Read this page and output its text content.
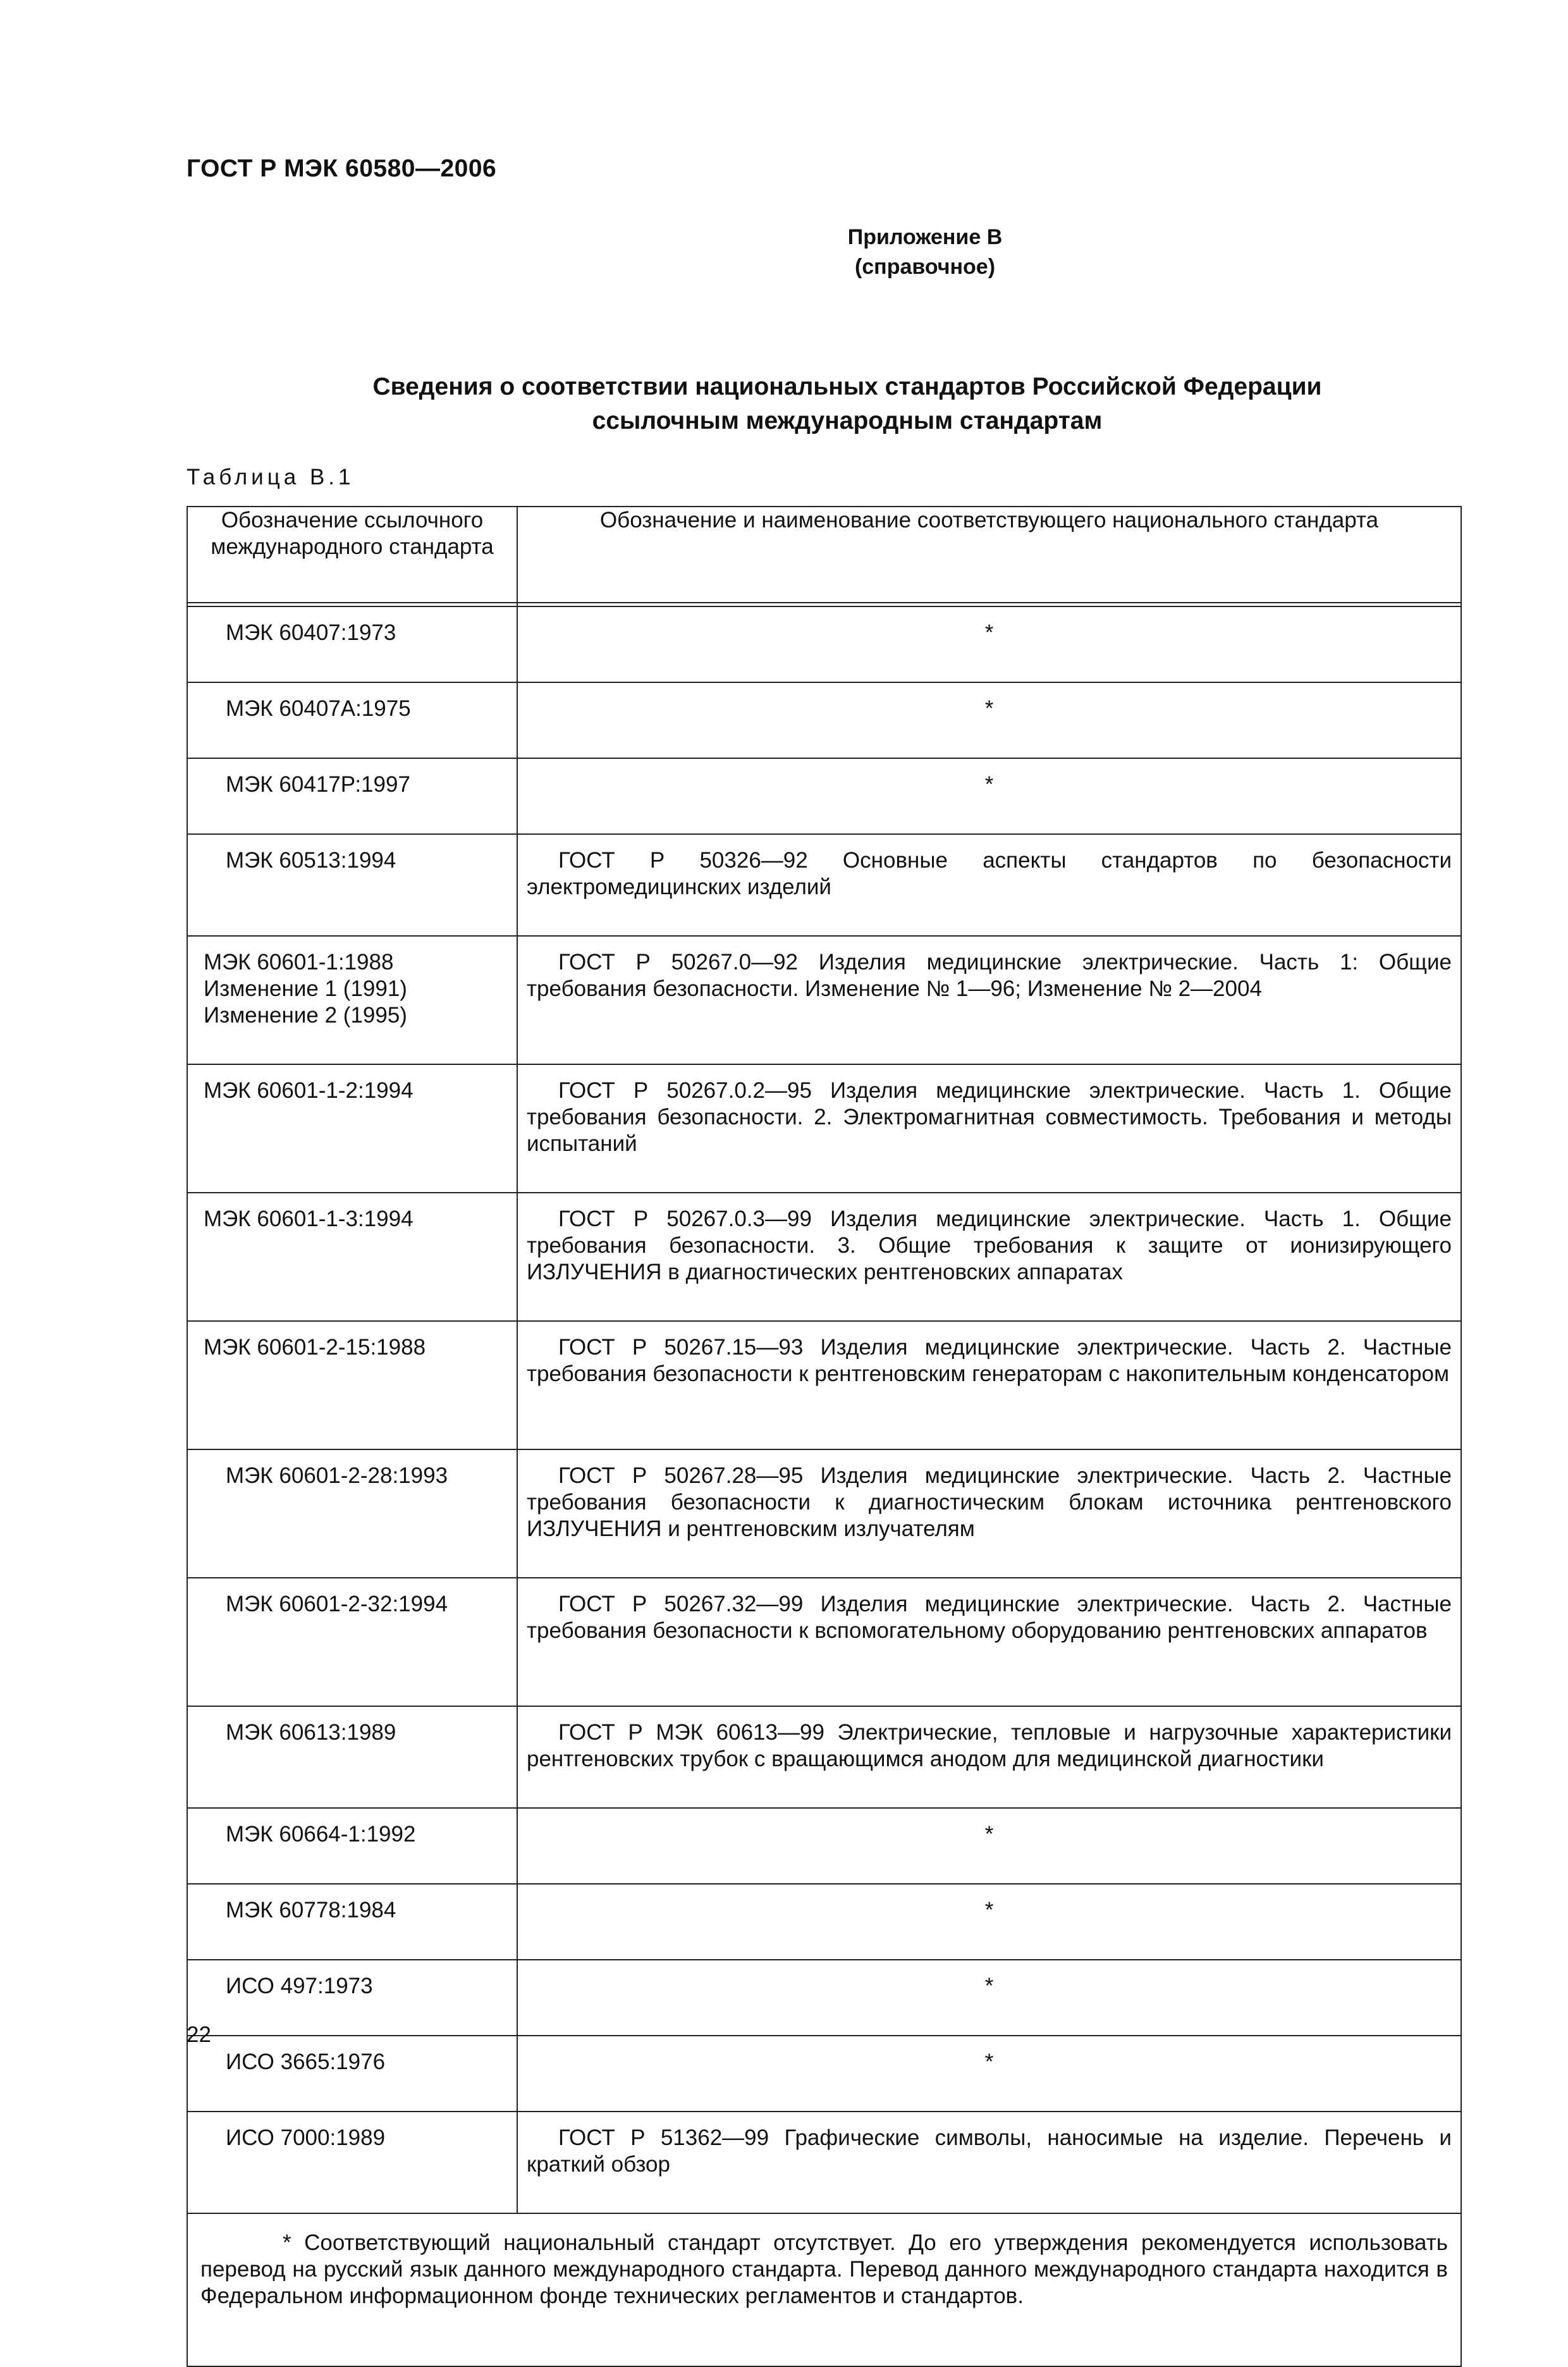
ГОСТ Р МЭК 60580—2006
Приложение В
(справочное)
Сведения о соответствии национальных стандартов Российской Федерации
ссылочным международным стандартам
Таблица В.1
Обозначение ссылочного международного стандарта	Обозначение и наименование соответствующего национального стандарта

МЭК 60407:1973	*

МЭК 60407А:1975	*

МЭК 60417Р:1997	*

МЭК 60513:1994	ГОСТ Р 50326—92 Основные аспекты стандартов по безопасности электромедицинских изделий

МЭК 60601-1:1988
Изменение 1 (1991)
Изменение 2 (1995)	ГОСТ Р 50267.0—92 Изделия медицинские электрические. Часть 1: Общие требования безопасности. Изменение № 1—96; Изменение № 2—2004

МЭК 60601-1-2:1994	ГОСТ Р 50267.0.2—95 Изделия медицинские электрические. Часть 1. Общие требования безопасности. 2. Электромагнитная совместимость. Требования и методы испытаний

МЭК 60601-1-3:1994	ГОСТ Р 50267.0.3—99 Изделия медицинские электрические. Часть 1. Общие требования безопасности. 3. Общие требования к защите от ионизирующего ИЗЛУЧЕНИЯ в диагностических рентгеновских аппаратах

МЭК 60601-2-15:1988	ГОСТ Р 50267.15—93 Изделия медицинские электрические. Часть 2. Частные требования безопасности к рентгеновским генераторам с накопительным конденсатором

МЭК 60601-2-28:1993	ГОСТ Р 50267.28—95 Изделия медицинские электрические. Часть 2. Частные требования безопасности к диагностическим блокам источника рентгеновского ИЗЛУЧЕНИЯ и рентгеновским излучателям

МЭК 60601-2-32:1994	ГОСТ Р 50267.32—99 Изделия медицинские электрические. Часть 2. Частные требования безопасности к вспомогательному оборудованию рентгеновских аппаратов

МЭК 60613:1989	ГОСТ Р МЭК 60613—99 Электрические, тепловые и нагрузочные характеристики рентгеновских трубок с вращающимся анодом для медицинской диагностики

МЭК 60664-1:1992	*

МЭК 60778:1984	*

ИСО 497:1973	*

ИСО 3665:1976	*

ИСО 7000:1989	ГОСТ Р 51362—99 Графические символы, наносимые на изделие. Перечень и краткий обзор

* Соответствующий национальный стандарт отсутствует. До его утверждения рекомендуется использовать перевод на русский язык данного международного стандарта. Перевод данного международного стандарта находится в Федеральном информационном фонде технических регламентов и стандартов.	
22
